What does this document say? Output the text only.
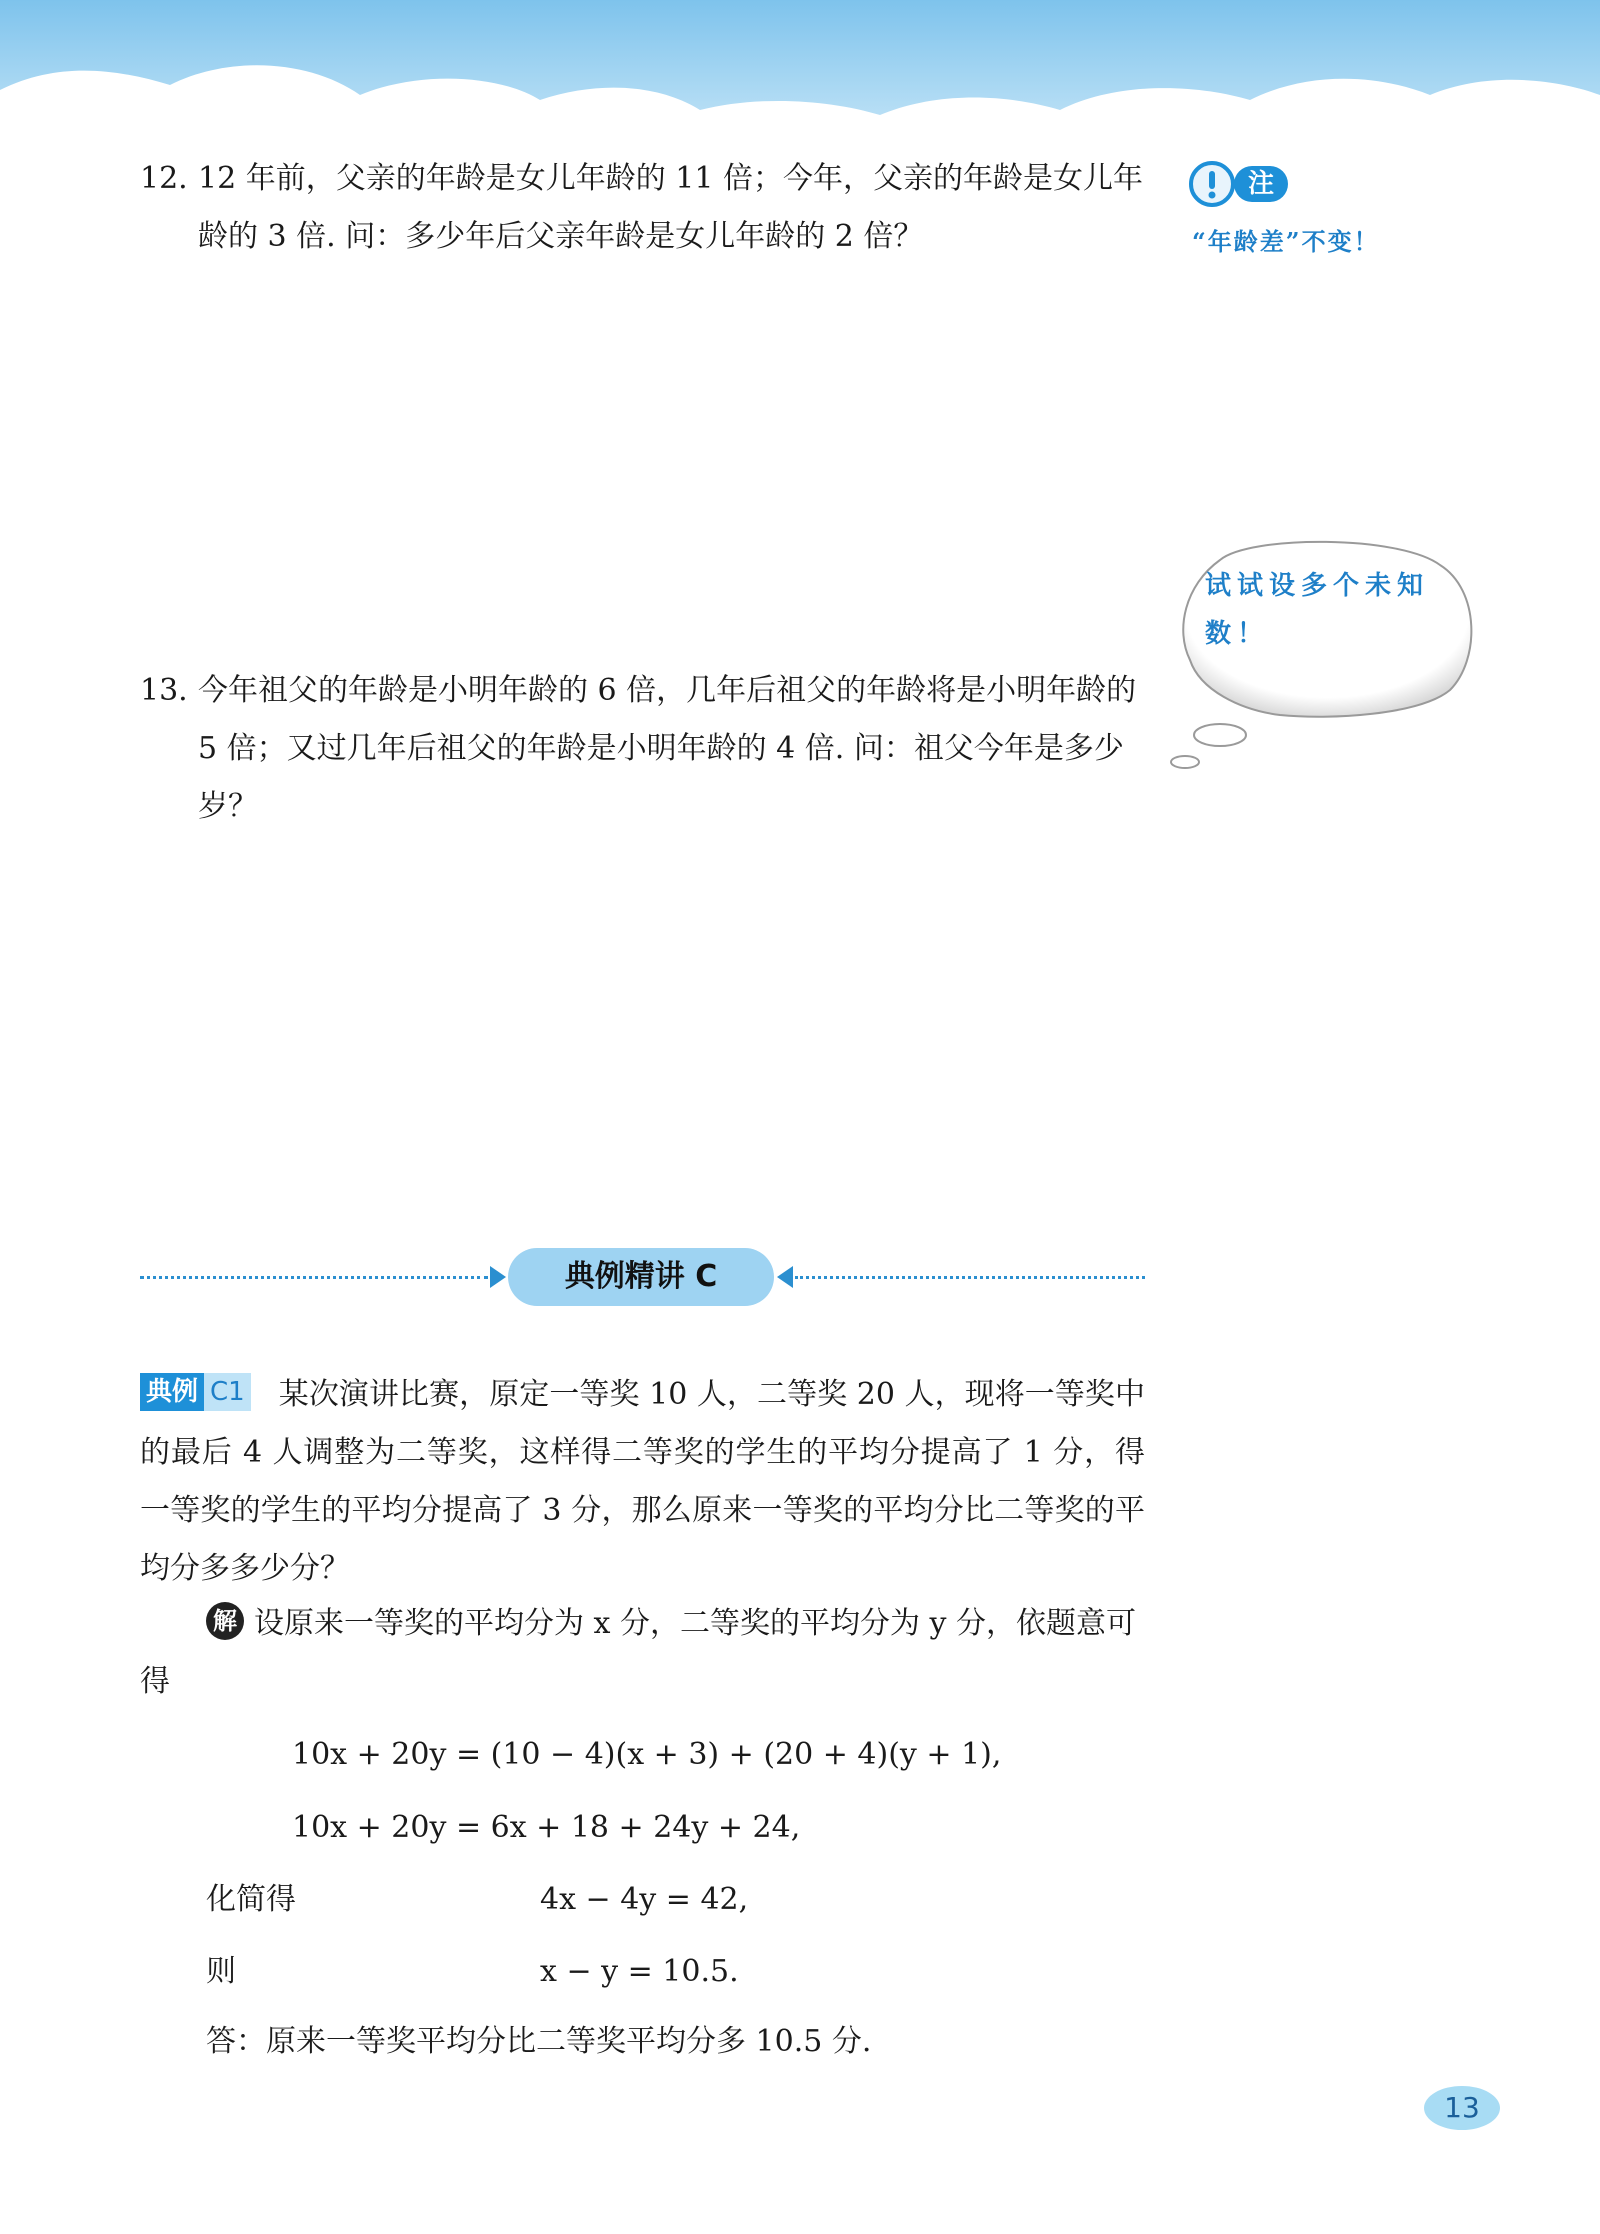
12. 12 年前，父亲的年龄是女儿年龄的 11 倍；今年，父亲的年龄是女儿年龄的 3 倍. 问：多少年后父亲年龄是女儿年龄的 2 倍？
注意
“年龄差”不变！
试试设多个未知数！
13. 今年祖父的年龄是小明年龄的 6 倍，几年后祖父的年龄将是小明年龄的 5 倍；又过几年后祖父的年龄是小明年龄的 4 倍. 问：祖父今年是多少岁？
典例精讲 C
典例 C1 某次演讲比赛，原定一等奖 10 人，二等奖 20 人，现将一等奖中的最后 4 人调整为二等奖，这样得二等奖的学生的平均分提高了 1 分，得一等奖的学生的平均分提高了 3 分，那么原来一等奖的平均分比二等奖的平均分多多少分？
解 设原来一等奖的平均分为 x 分，二等奖的平均分为 y 分，依题意可得
10x + 20y = (10 − 4)(x + 3) + (20 + 4)(y + 1),
10x + 20y = 6x + 18 + 24y + 24,
化简得	4x − 4y = 42,
则	x − y = 10.5.
答：原来一等奖平均分比二等奖平均分多 10.5 分.
13
